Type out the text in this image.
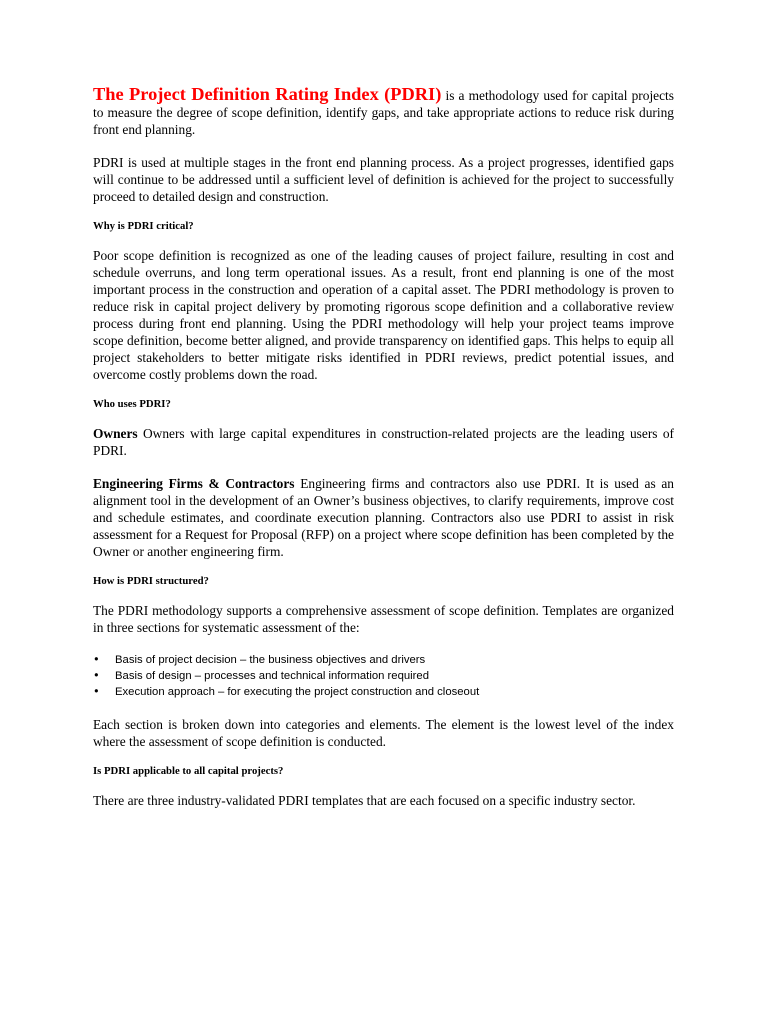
The Project Definition Rating Index (PDRI) is a methodology used for capital projects to measure the degree of scope definition, identify gaps, and take appropriate actions to reduce risk during front end planning.

PDRI is used at multiple stages in the front end planning process. As a project progresses, identified gaps will continue to be addressed until a sufficient level of definition is achieved for the project to successfully proceed to detailed design and construction.

Why is PDRI critical?

Poor scope definition is recognized as one of the leading causes of project failure, resulting in cost and schedule overruns, and long term operational issues. As a result, front end planning is one of the most important process in the construction and operation of a capital asset. The PDRI methodology is proven to reduce risk in capital project delivery by promoting rigorous scope definition and a collaborative review process during front end planning. Using the PDRI methodology will help your project teams improve scope definition, become better aligned, and provide transparency on identified gaps. This helps to equip all project stakeholders to better mitigate risks identified in PDRI reviews, predict potential issues, and overcome costly problems down the road.

Who uses PDRI?

Owners Owners with large capital expenditures in construction-related projects are the leading users of PDRI.

Engineering Firms & Contractors Engineering firms and contractors also use PDRI. It is used as an alignment tool in the development of an Owner’s business objectives, to clarify requirements, improve cost and schedule estimates, and coordinate execution planning. Contractors also use PDRI to assist in risk assessment for a Request for Proposal (RFP) on a project where scope definition has been completed by the Owner or another engineering firm.

How is PDRI structured?

The PDRI methodology supports a comprehensive assessment of scope definition. Templates are organized in three sections for systematic assessment of the:

•	Basis of project decision – the business objectives and drivers
•	Basis of design – processes and technical information required
•	Execution approach – for executing the project construction and closeout

Each section is broken down into categories and elements. The element is the lowest level of the index where the assessment of scope definition is conducted.

Is PDRI applicable to all capital projects?

There are three industry-validated PDRI templates that are each focused on a specific industry sector.
